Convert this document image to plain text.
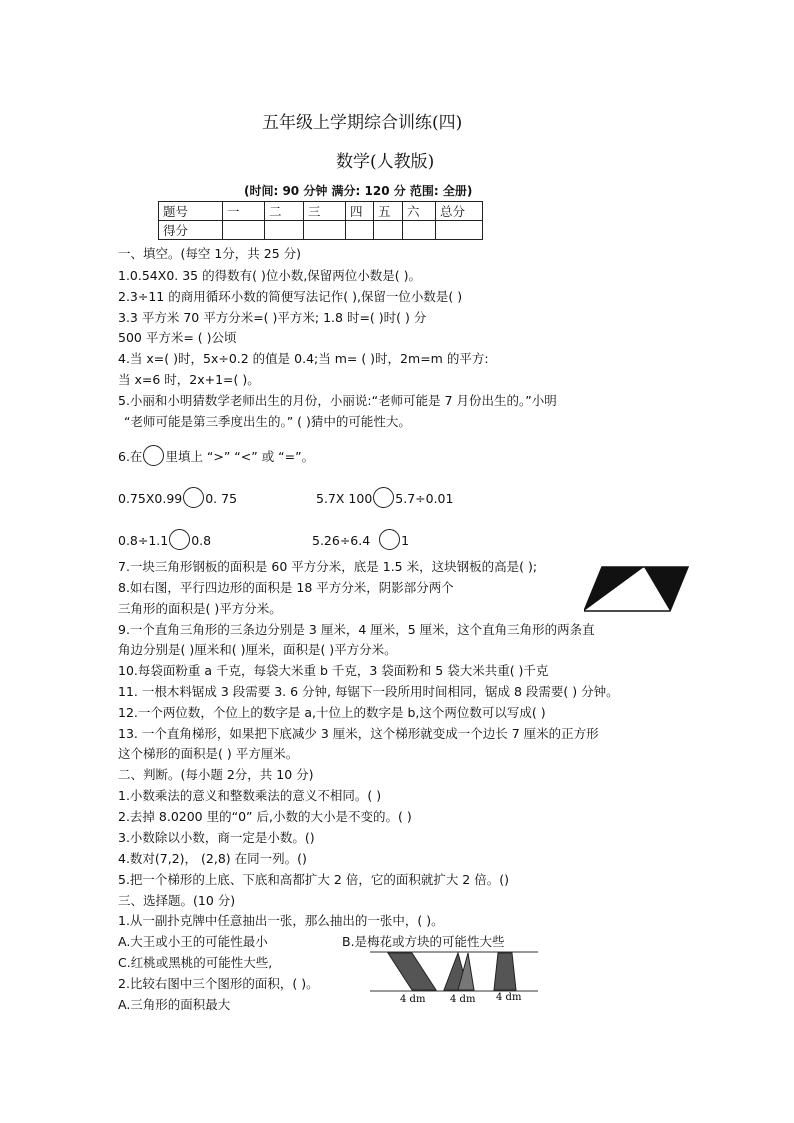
五年级上学期综合训练(四)
数学(人教版)
(时间: 90 分钟 满分: 120 分 范围: 全册)
题号	一	二	三	四	五	六	总分
得分							
一、填空。(每空 1分，共 25 分)
1.0.54X0. 35 的得数有( )位小数,保留两位小数是( )。
2.3÷11 的商用循环小数的简便写法记作( ),保留一位小数是( )
3.3 平方米 70 平方分米=( )平方米; 1.8 时=( )时( ) 分
500 平方米= ( )公顷
4.当 x=( )时，5x÷0.2 的值是 0.4;当 m= ( )时，2m=m 的平方:
当 x=6 时，2x+1=( )。
5.小丽和小明猜数学老师出生的月份，小丽说:“老师可能是 7 月份出生的。”小明
“老师可能是第三季度出生的。” ( )猜中的可能性大。
6.在 里填上 “>” “<” 或 “=”。
0.75X0.99 0. 75	5.7X 100 5.7÷0.01
0.8÷1.1 0.8	5.26÷6.4 1
7.一块三角形钢板的面积是 60 平方分米，底是 1.5 米，这块钢板的高是( );
8.如右图，平行四边形的面积是 18 平方分米，阴影部分两个
三角形的面积是( )平方分米。
9.一个直角三角形的三条边分别是 3 厘米，4 厘米，5 厘米，这个直角三角形的两条直
角边分别是( )厘米和( )厘米，面积是( )平方分米。
10.每袋面粉重 a 千克，每袋大米重 b 千克，3 袋面粉和 5 袋大米共重( )千克
11. 一根木料锯成 3 段需要 3. 6 分钟, 每锯下一段所用时间相同，锯成 8 段需要( ) 分钟。
12.一个两位数，个位上的数字是 a,十位上的数字是 b,这个两位数可以写成( )
13. 一个直角梯形，如果把下底减少 3 厘米，这个梯形就变成一个边长 7 厘米的正方形
这个梯形的面积是( ) 平方厘米。
二、判断。(每小题 2分，共 10 分)
1.小数乘法的意义和整数乘法的意义不相同。( )
2.去掉 8.0200 里的“0” 后,小数的大小是不变的。( )
3.小数除以小数，商一定是小数。()
4.数对(7,2)， (2,8) 在同一列。()
5.把一个梯形的上底、下底和高都扩大 2 倍，它的面积就扩大 2 倍。()
三、选择题。(10 分)
1.从一副扑克牌中任意抽出一张，那么抽出的一张中，( )。
A.大王或小王的可能性最小	B.是梅花或方块的可能性大些
C.红桃或黑桃的可能性大些,
2.比较右图中三个图形的面积，( )。
A.三角形的面积最大	4 dm 4 dm 4 dm
